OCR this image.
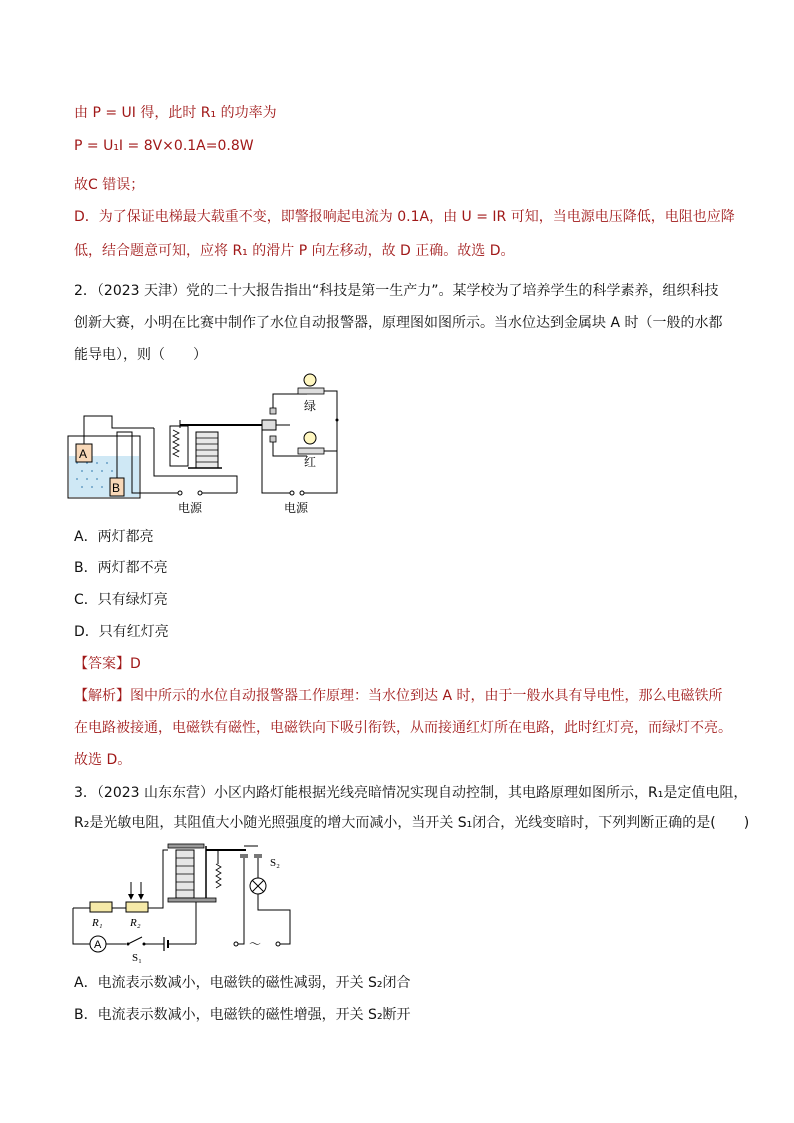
由 P = UI 得，此时 R₁ 的功率为
P = U₁I = 8V×0.1A=0.8W
故C 错误；
D．为了保证电梯最大载重不变，即警报响起电流为 0.1A，由 U = IR 可知，当电源电压降低，电阻也应降
低，结合题意可知，应将 R₁ 的滑片 P 向左移动，故 D 正确。故选 D。
2．（2023 天津）党的二十大报告指出“科技是第一生产力”。某学校为了培养学生的科学素养，组织科技
创新大赛，小明在比赛中制作了水位自动报警器，原理图如图所示。当水位达到金属块 A 时（一般的水都
能导电），则（　　）
A
B
绿
红
电源	电源
A．两灯都亮
B．两灯都不亮
C．只有绿灯亮
D．只有红灯亮
【答案】D
【解析】图中所示的水位自动报警器工作原理：当水位到达 A 时，由于一般水具有导电性，那么电磁铁所
在电路被接通，电磁铁有磁性，电磁铁向下吸引衔铁，从而接通红灯所在电路，此时红灯亮，而绿灯不亮。
故选 D。
3．（2023 山东东营）小区内路灯能根据光线亮暗情况实现自动控制，其电路原理如图所示，R₁是定值电阻，
R₂是光敏电阻，其阻值大小随光照强度的增大而减小，当开关 S₁闭合，光线变暗时，下列判断正确的是(　　)
R₁ R₂
A
S₁
S₂
～
A．电流表示数减小，电磁铁的磁性减弱，开关 S₂闭合
B．电流表示数减小，电磁铁的磁性增强，开关 S₂断开
